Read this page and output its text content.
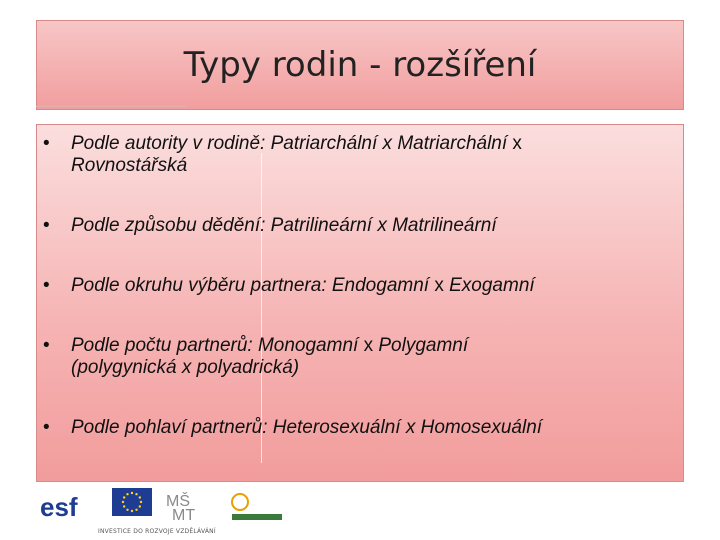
Typy rodin - rozšíření
• Podle autority v rodině: Patriarchální x Matriarchální x
Rovnostářská
• Podle způsobu dědění: Patrilineární x Matrilineární
• Podle okruhu výběru partnera: Endogamní x Exogamní
• Podle počtu partnerů: Monogamní x Polygamní
(polygynická x polyadrická)
• Podle pohlaví partnerů: Heterosexuální x Homosexuální
esf	MŠ
MT
INVESTICE DO ROZVOJE VZDĚLÁVÁNÍ
